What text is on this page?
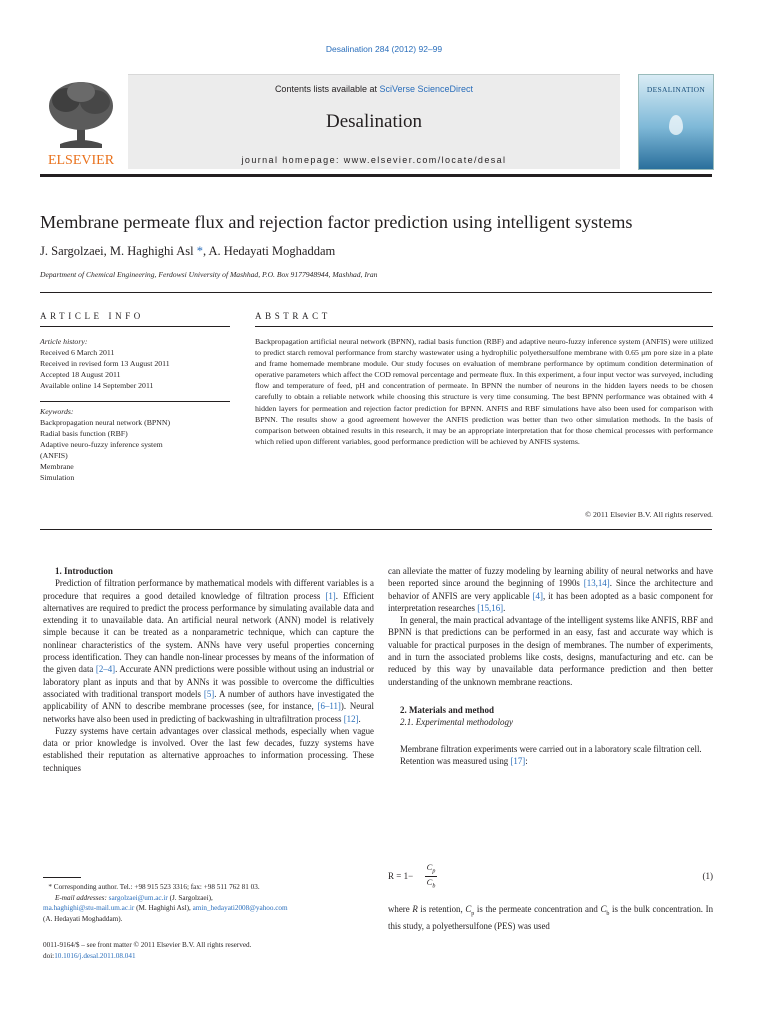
Desalination 284 (2012) 92–99
ELSEVIER
Contents lists available at SciVerse ScienceDirect
Desalination
journal homepage: www.elsevier.com/locate/desal
DESALINATION
Membrane permeate flux and rejection factor prediction using intelligent systems
J. Sargolzaei, M. Haghighi Asl *, A. Hedayati Moghaddam
Department of Chemical Engineering, Ferdowsi University of Mashhad, P.O. Box 9177948944, Mashhad, Iran
ARTICLE INFO	ABSTRACT
Article history:
Received 6 March 2011
Received in revised form 13 August 2011
Accepted 18 August 2011
Available online 14 September 2011
Keywords:
Backpropagation neural network (BPNN)
Radial basis function (RBF)
Adaptive neuro-fuzzy inference system
(ANFIS)
Membrane
Simulation
Backpropagation artificial neural network (BPNN), radial basis function (RBF) and adaptive neuro-fuzzy inference system (ANFIS) were utilized to predict starch removal performance from starchy wastewater using a hydrophilic polyethersulfone membrane with 0.65 μm pore size in a plate and frame homemade membrane module. Our study focuses on evaluation of membrane performance by optimum condition determination of operative parameters which affect the COD removal percentage and permeate flux. In this experiment, a four input vector was surveyed, including flow and temperature of feed, pH and concentration of permeate. In BPNN the number of neurons in the hidden layers needs to be chosen carefully to obtain a reliable network while choosing this structure is very time consuming. The best BPNN performance was obtained with 4 hidden layers for permeation and rejection factor prediction for BPNN. ANFIS and RBF simulations have also been used for comparison with BPNN. The results show a good agreement however the ANFIS prediction was better than two other simulation methods. In the basis of comparison between obtained results in this research, it may be an appropriate interpretation that for those chemical processes with performance which relied upon different variables, good performance prediction will be achieved by ANFIS systems.
© 2011 Elsevier B.V. All rights reserved.

1. Introduction

Prediction of filtration performance by mathematical models with different variables is a procedure that requires a good detailed knowledge of filtration process [1]. Efficient alternatives are required to predict the process performance by simulating available data and extending it to unavailable data. An artificial neural network (ANN) model is relatively simple because it can be treated as a nonparametric technique, which can capture the nonlinear characteristics of the system. ANNs have very useful properties concerning process identification. They can handle non-linear processes by means of the information of the given data [2–4]. Accurate ANN predictions were possible without using an industrial or laboratory plant as inputs and that by ANNs it was possible to overcome the difficulties associated with traditional transport models [5]. A number of authors have investigated the applicability of ANN to describe membrane processes (see, for instance, [6–11]). Neural networks have also been used in predicting of backwashing in ultrafiltration process [12].

Fuzzy systems have certain advantages over classical methods, especially when vague data or prior knowledge is involved. Over the last few decades, fuzzy systems have established their reputation as alternative approaches to information processing. These techniques

* Corresponding author. Tel.: +98 915 523 3316; fax: +98 511 762 81 03.
E-mail addresses: sargolzaei@um.ac.ir (J. Sargolzaei),
ma.haghighi@stu-mail.um.ac.ir (M. Haghighi Asl), amin_hedayati2008@yahoo.com
(A. Hedayati Moghaddam).
0011-9164/$ – see front matter © 2011 Elsevier B.V. All rights reserved.
doi:10.1016/j.desal.2011.08.041

can alleviate the matter of fuzzy modeling by learning ability of neural networks and have been reported since around the beginning of 1990s [13,14]. Since the architecture and behavior of ANFIS are very applicable [4], it has been adopted as a basic component for interpretation researches [15,16].

In general, the main practical advantage of the intelligent systems like ANFIS, RBF and BPNN is that predictions can be performed in an easy, fast and accurate way which is valuable for practical purposes in the design of membranes. The number of experiments, and in turn the associated problems like costs, designs, manufacturing and etc. can be reduced by this way by unavailable data performance prediction and then better understanding of the unknown membrane reactions.

2. Materials and method

2.1. Experimental methodology

Membrane filtration experiments were carried out in a laboratory scale filtration cell.

Retention was measured using [17]:

$R = 1- \frac{C_p}{C_b}$	(1)
where R is retention, $C_p$ is the permeate concentration and $C_b$ is the bulk concentration. In this study, a polyethersulfone (PES) was used
